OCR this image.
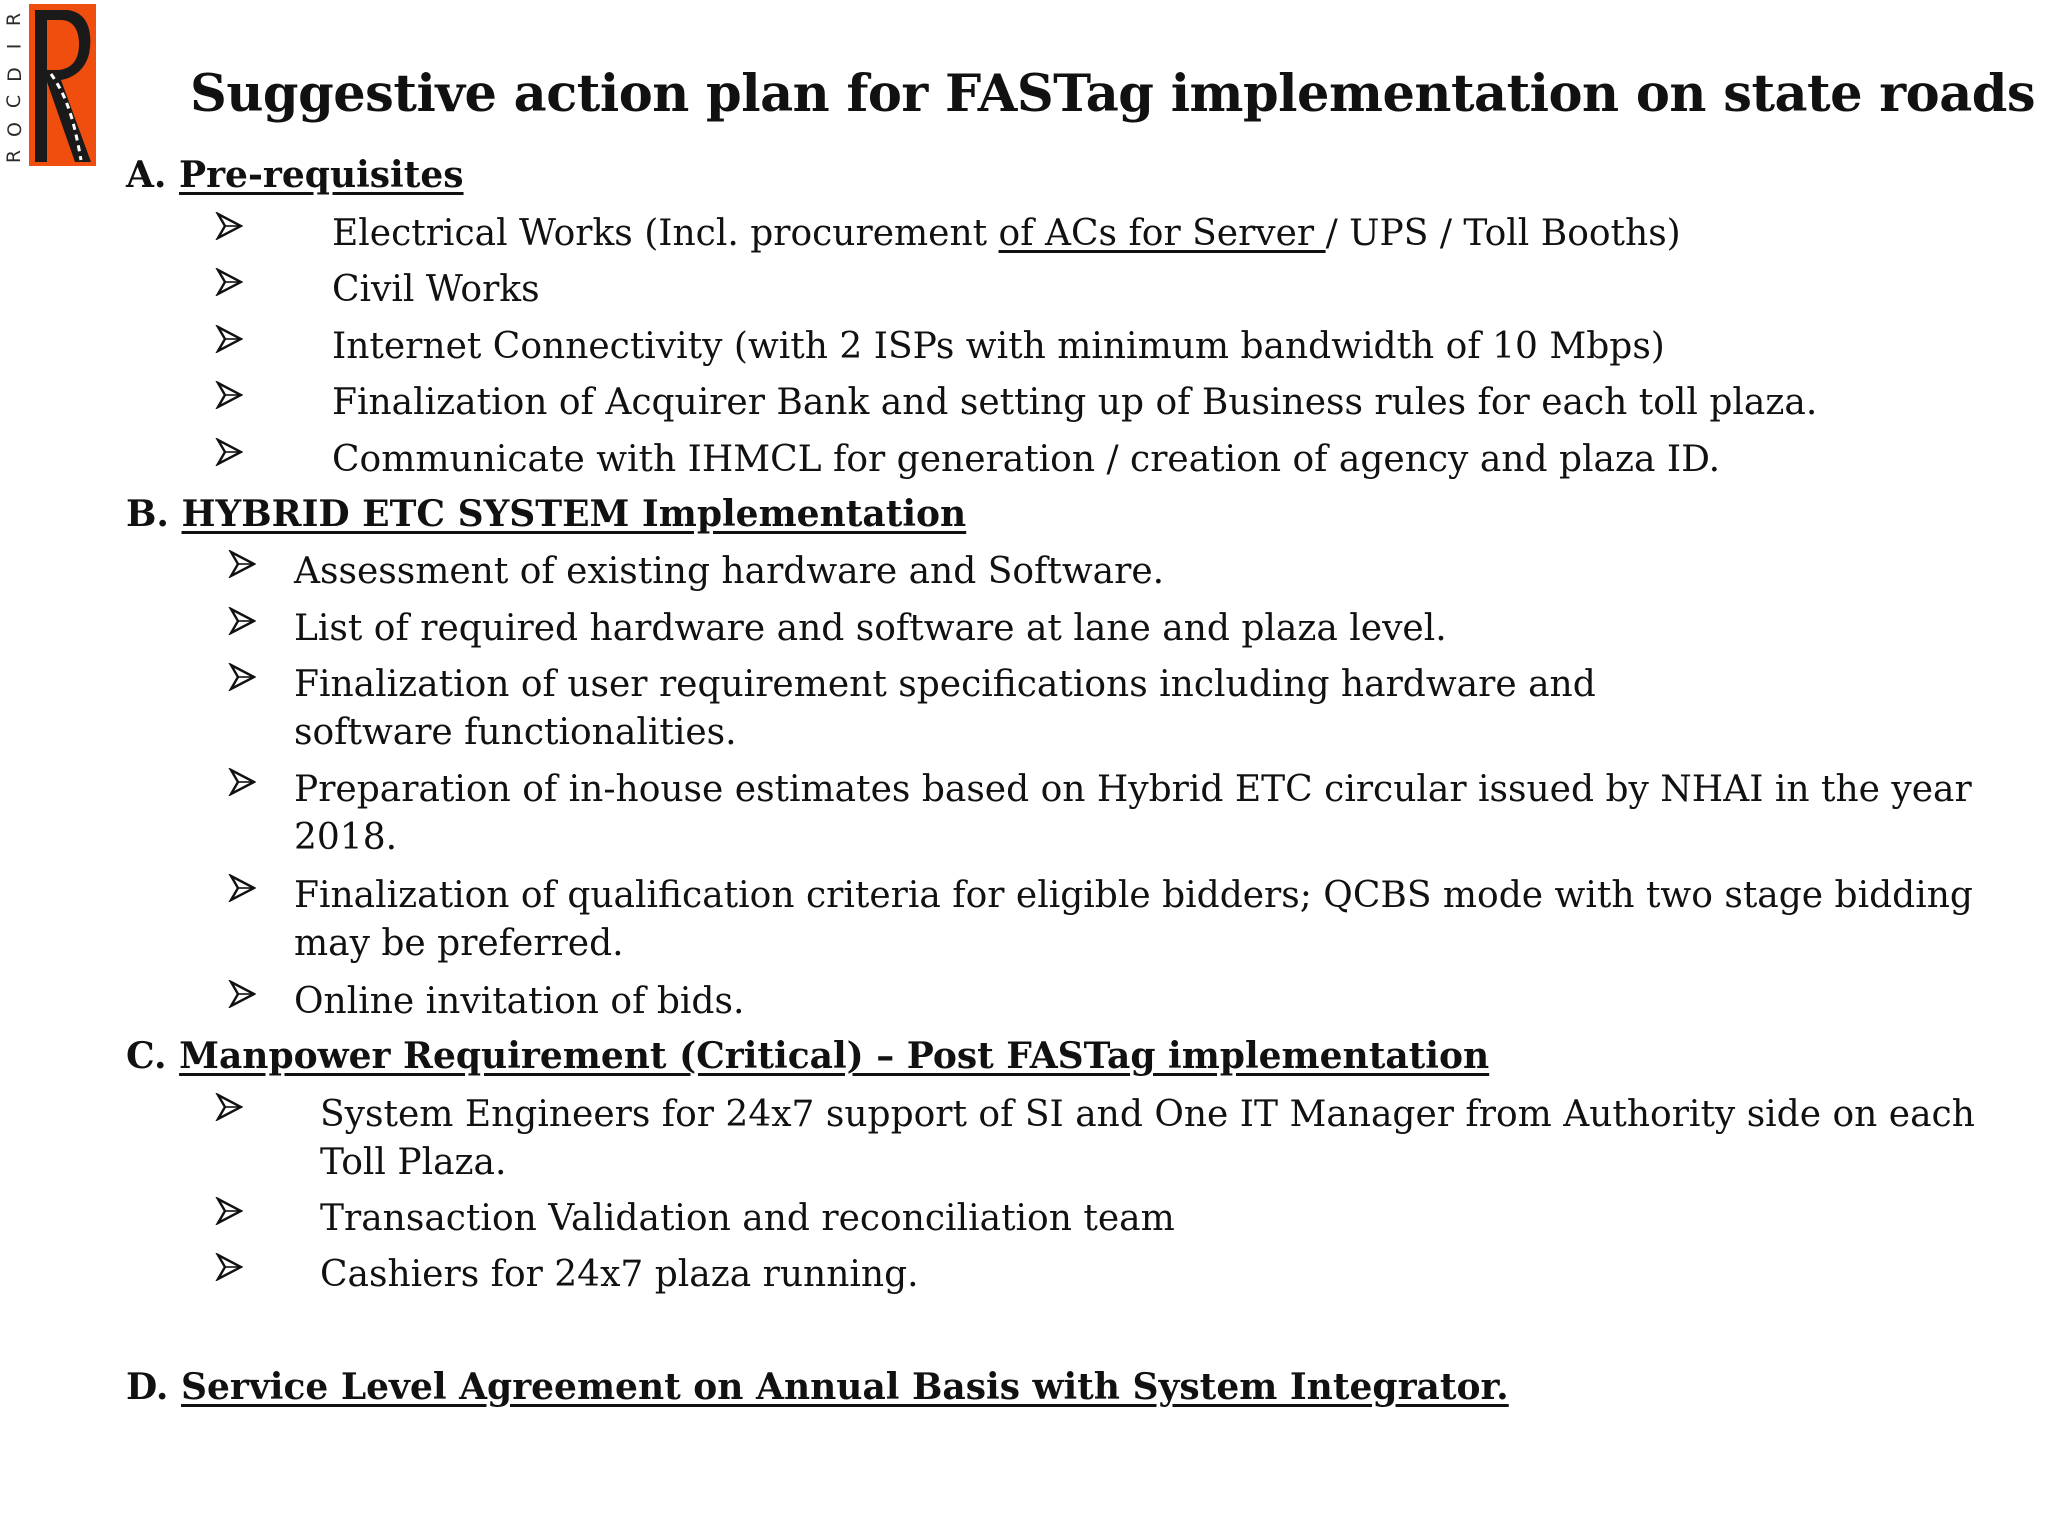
R
I
D
C
O
R
Suggestive action plan for FASTag implementation on state roads
A. Pre-requisites

Electrical Works (Incl. procurement of ACs for Server / UPS / Toll Booths)

Civil Works

Internet Connectivity (with 2 ISPs with minimum bandwidth of 10 Mbps)

Finalization of Acquirer Bank and setting up of Business rules for each toll plaza.

Communicate with IHMCL for generation / creation of agency and plaza ID.

B. HYBRID ETC SYSTEM Implementation

Assessment of existing hardware and Software.

List of required hardware and software at lane and plaza level.

Finalization of user requirement specifications including hardware and software functionalities.

Preparation of in-house estimates based on Hybrid ETC circular issued by NHAI in the year 2018.

Finalization of qualification criteria for eligible bidders; QCBS mode with two stage bidding may be preferred.

Online invitation of bids.

C. Manpower Requirement (Critical) – Post FASTag implementation

System Engineers for 24x7 support of SI and One IT Manager from Authority side on each Toll Plaza.

Transaction Validation and reconciliation team

Cashiers for 24x7 plaza running.

D. Service Level Agreement on Annual Basis with System Integrator.
